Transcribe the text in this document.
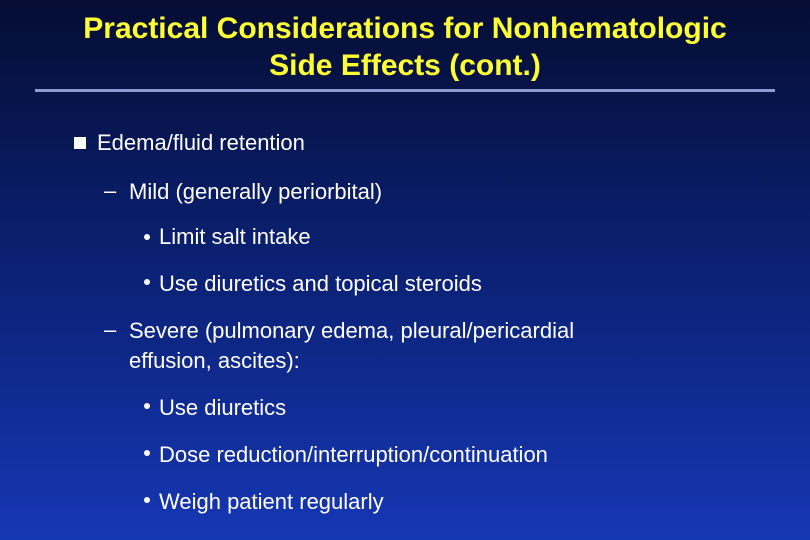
Practical Considerations for Nonhematologic
Side Effects (cont.)
Edema/fluid retention
– Mild (generally periorbital)
Limit salt intake
Use diuretics and topical steroids
– Severe (pulmonary edema, pleural/pericardial
effusion, ascites):
Use diuretics
Dose reduction/interruption/continuation
Weigh patient regularly
